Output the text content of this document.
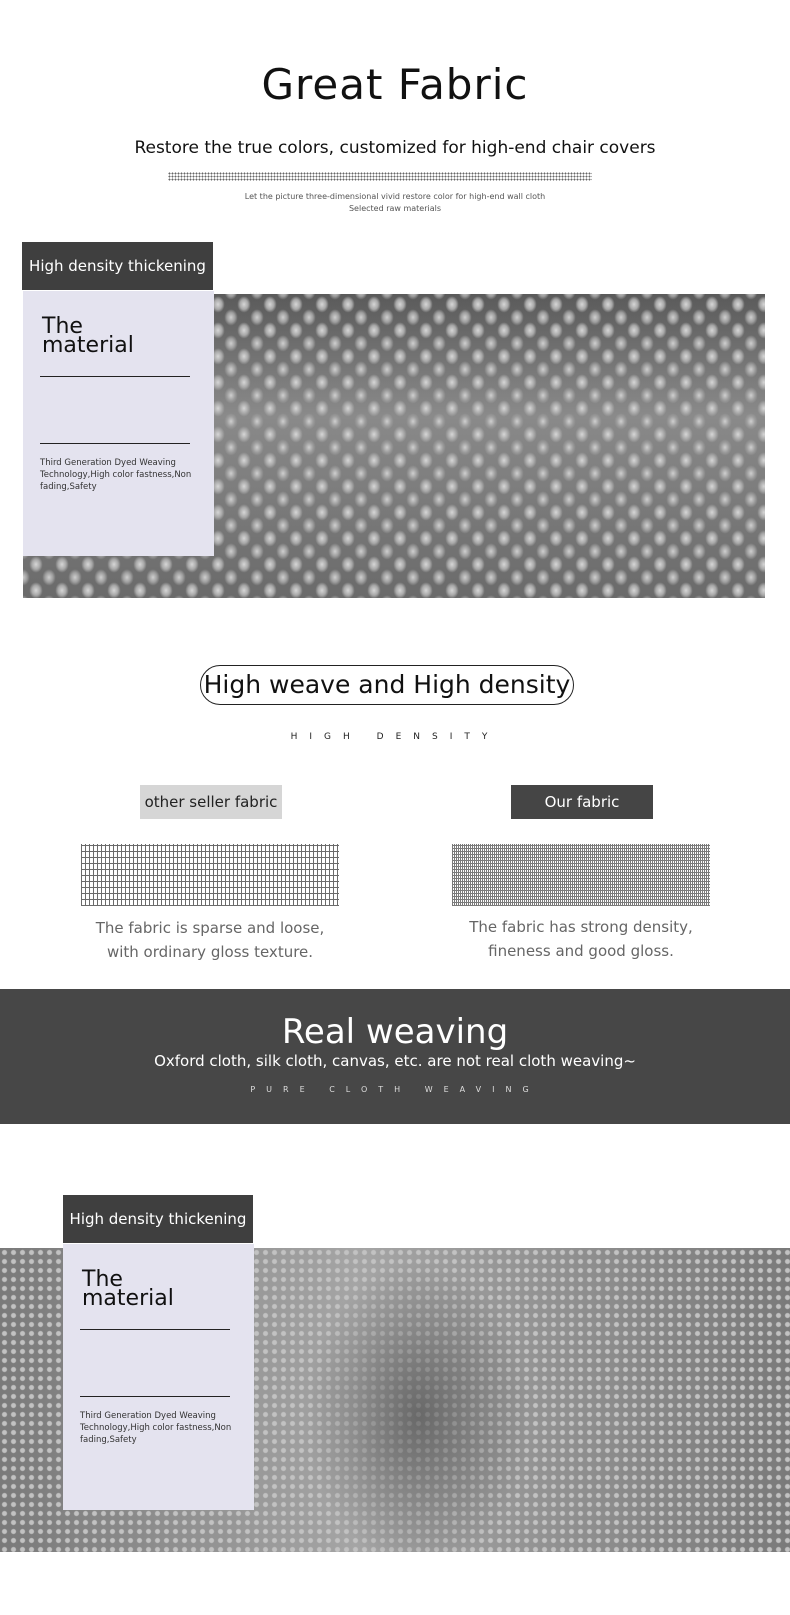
Great Fabric
Restore the true colors, customized for high-end chair covers
Let the picture three-dimensional vivid restore color for high-end wall cloth
Selected raw materials
High density thickening
The
material
Third Generation Dyed Weaving Technology,High color fastness,Non fading,Safety
High weave and High density
HIGH DENSITY
other seller fabric	Our fabric
The fabric is sparse and loose,
with ordinary gloss texture.
The fabric has strong density,
fineness and good gloss.
Real weaving
Oxford cloth, silk cloth, canvas, etc. are not real cloth weaving~
PURE CLOTH WEAVING
High density thickening
The
material
Third Generation Dyed Weaving Technology,High color fastness,Non fading,Safety
